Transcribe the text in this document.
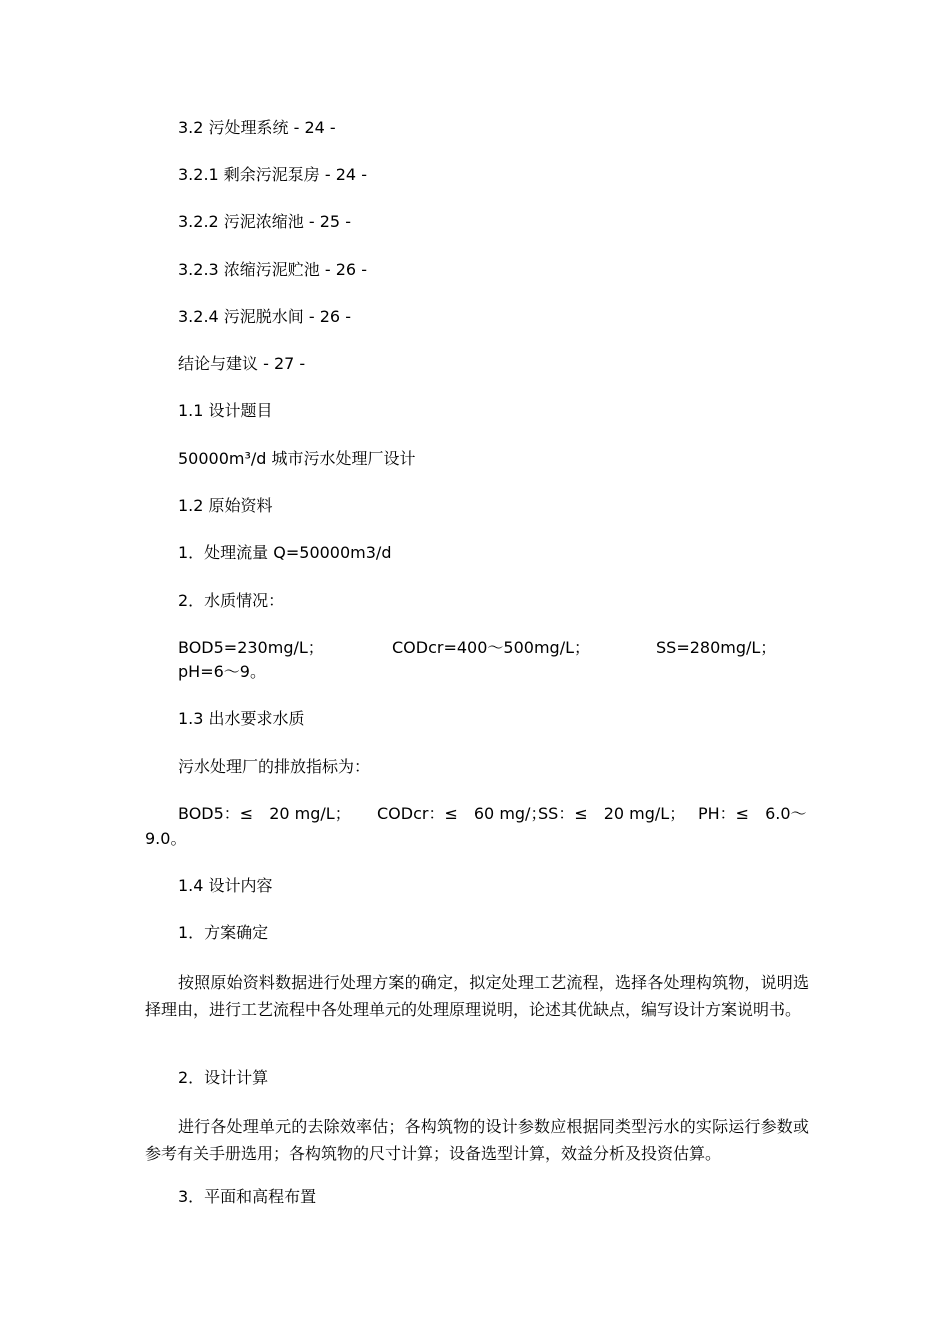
3.2 污处理系统 - 24 -

3.2.1 剩余污泥泵房 - 24 -

3.2.2 污泥浓缩池 - 25 -

3.2.3 浓缩污泥贮池 - 26 -

3.2.4 污泥脱水间 - 26 -

结论与建议 - 27 -

1.1 设计题目

50000m³/d 城市污水处理厂设计

1.2 原始资料

1．处理流量 Q=50000m3/d

2．水质情况：

BOD5=230mg/L；	CODcr=400～500mg/L；	SS=280mg/L；

pH=6～9。

1.3 出水要求水质

污水处理厂的排放指标为：

BOD5：≤　20 mg/L； CODcr：≤　60 mg/；
SS：≤　20 mg/L； PH：≤　6.0～

9.0。

1.4 设计内容

1．方案确定

按照原始资料数据进行处理方案的确定，拟定处理工艺流程，选择各处理构筑物，说明选择理由，进行工艺流程中各处理单元的处理原理说明，论述其优缺点，编写设计方案说明书。

2．设计计算

进行各处理单元的去除效率估；各构筑物的设计参数应根据同类型污水的实际运行参数或参考有关手册选用；各构筑物的尺寸计算；设备选型计算，效益分析及投资估算。

3．平面和高程布置
